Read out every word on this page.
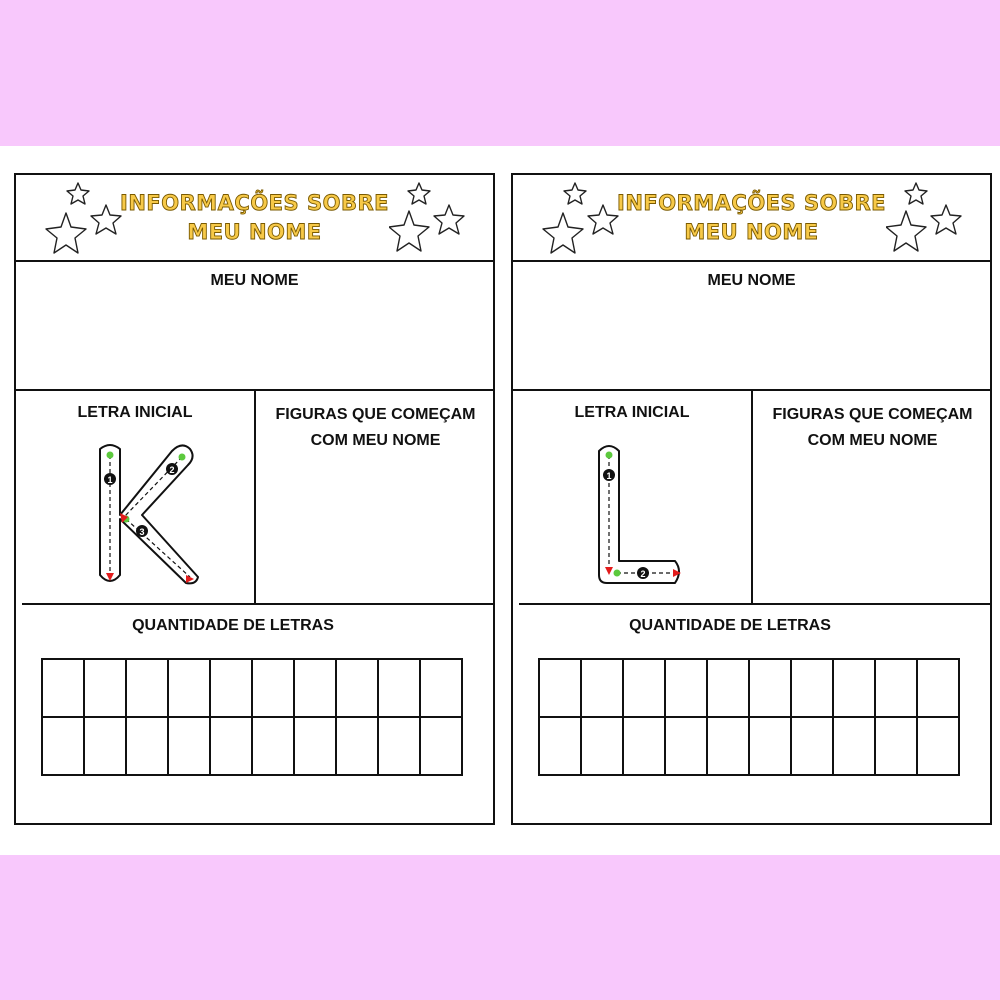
INFORMAÇÕES SOBRE
MEU NOME
MEU NOME
LETRA INICIAL	FIGURAS QUE COMEÇAM
COM MEU NOME
1
2
3
QUANTIDADE DE LETRAS

INFORMAÇÕES SOBRE
MEU NOME
MEU NOME
LETRA INICIAL	FIGURAS QUE COMEÇAM
COM MEU NOME
1
2
QUANTIDADE DE LETRAS
